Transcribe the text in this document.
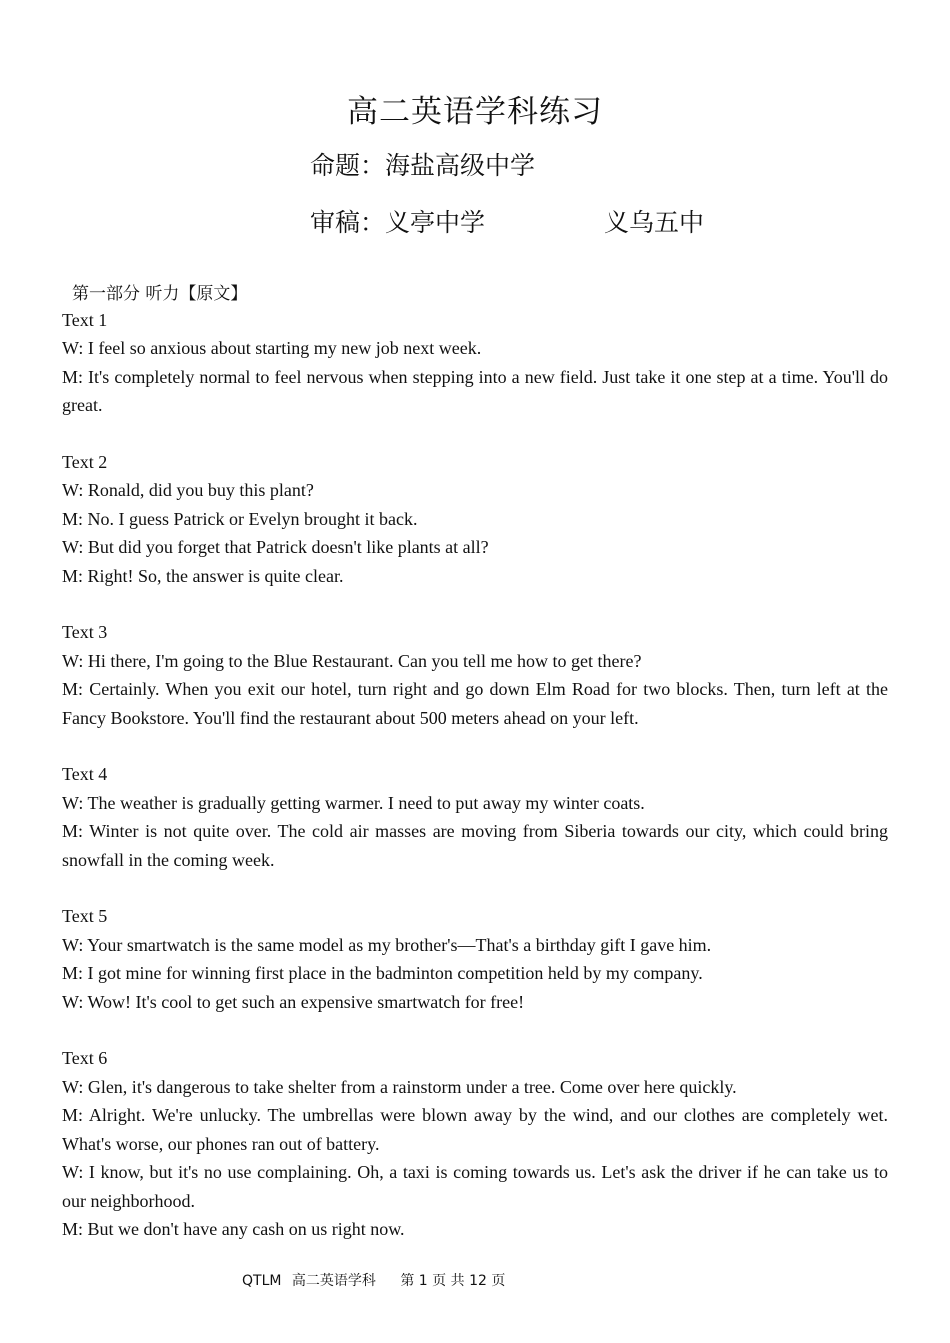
高二英语学科练习
命题：海盐高级中学
审稿：义亭中学	义乌五中
第一部分 听力【原文】
Text 1
W: I feel so anxious about starting my new job next week.
M: It's completely normal to feel nervous when stepping into a new field. Just take it one step at a time. You'll do great.
Text 2
W: Ronald, did you buy this plant?
M: No. I guess Patrick or Evelyn brought it back.
W: But did you forget that Patrick doesn't like plants at all?
M: Right! So, the answer is quite clear.
Text 3
W: Hi there, I'm going to the Blue Restaurant. Can you tell me how to get there?
M: Certainly. When you exit our hotel, turn right and go down Elm Road for two blocks. Then, turn left at the Fancy Bookstore. You'll find the restaurant about 500 meters ahead on your left.
Text 4
W: The weather is gradually getting warmer. I need to put away my winter coats.
M: Winter is not quite over. The cold air masses are moving from Siberia towards our city, which could bring snowfall in the coming week.
Text 5
W: Your smartwatch is the same model as my brother's—That's a birthday gift I gave him.
M: I got mine for winning first place in the badminton competition held by my company.
W: Wow! It's cool to get such an expensive smartwatch for free!
Text 6
W: Glen, it's dangerous to take shelter from a rainstorm under a tree. Come over here quickly.
M: Alright. We're unlucky. The umbrellas were blown away by the wind, and our clothes are completely wet. What's worse, our phones ran out of battery.
W: I know, but it's no use complaining. Oh, a taxi is coming towards us. Let's ask the driver if he can take us to our neighborhood.
M: But we don't have any cash on us right now.
QTLM 高二英语学科 第 1 页 共 12 页
